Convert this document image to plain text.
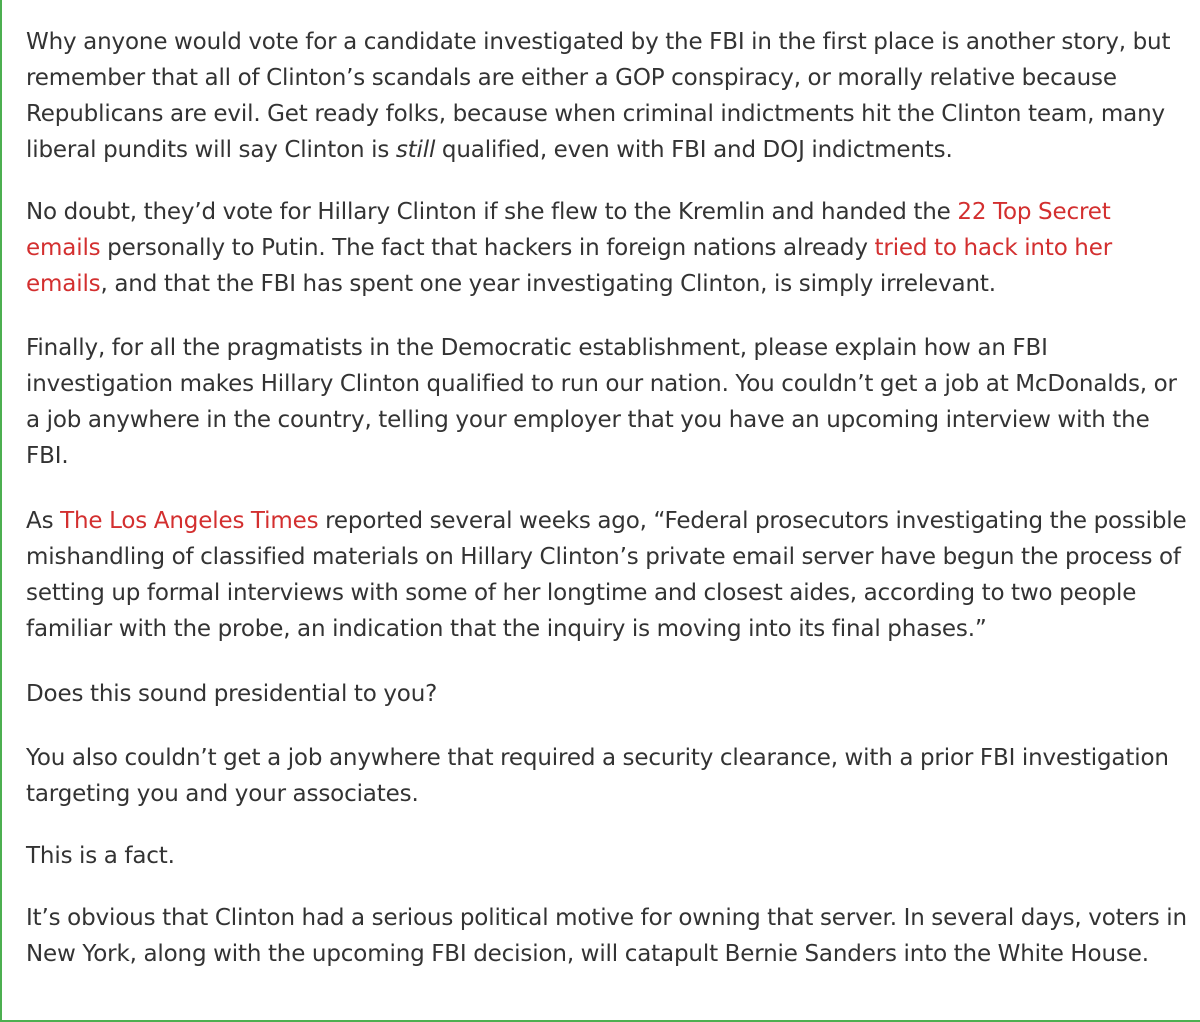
Why anyone would vote for a candidate investigated by the FBI in the first place is another story, but remember that all of Clinton’s scandals are either a GOP conspiracy, or morally relative because Republicans are evil. Get ready folks, because when criminal indictments hit the Clinton team, many liberal pundits will say Clinton is still qualified, even with FBI and DOJ indictments.

No doubt, they’d vote for Hillary Clinton if she flew to the Kremlin and handed the 22 Top Secret emails personally to Putin. The fact that hackers in foreign nations already tried to hack into her emails, and that the FBI has spent one year investigating Clinton, is simply irrelevant.

Finally, for all the pragmatists in the Democratic establishment, please explain how an FBI investigation makes Hillary Clinton qualified to run our nation. You couldn’t get a job at McDonalds, or a job anywhere in the country, telling your employer that you have an upcoming interview with the FBI.

As The Los Angeles Times reported several weeks ago, “Federal prosecutors investigating the possible mishandling of classified materials on Hillary Clinton’s private email server have begun the process of setting up formal interviews with some of her longtime and closest aides, according to two people familiar with the probe, an indication that the inquiry is moving into its final phases.”

Does this sound presidential to you?

You also couldn’t get a job anywhere that required a security clearance, with a prior FBI investigation targeting you and your associates.

This is a fact.

It’s obvious that Clinton had a serious political motive for owning that server. In several days, voters in New York, along with the upcoming FBI decision, will catapult Bernie Sanders into the White House.
